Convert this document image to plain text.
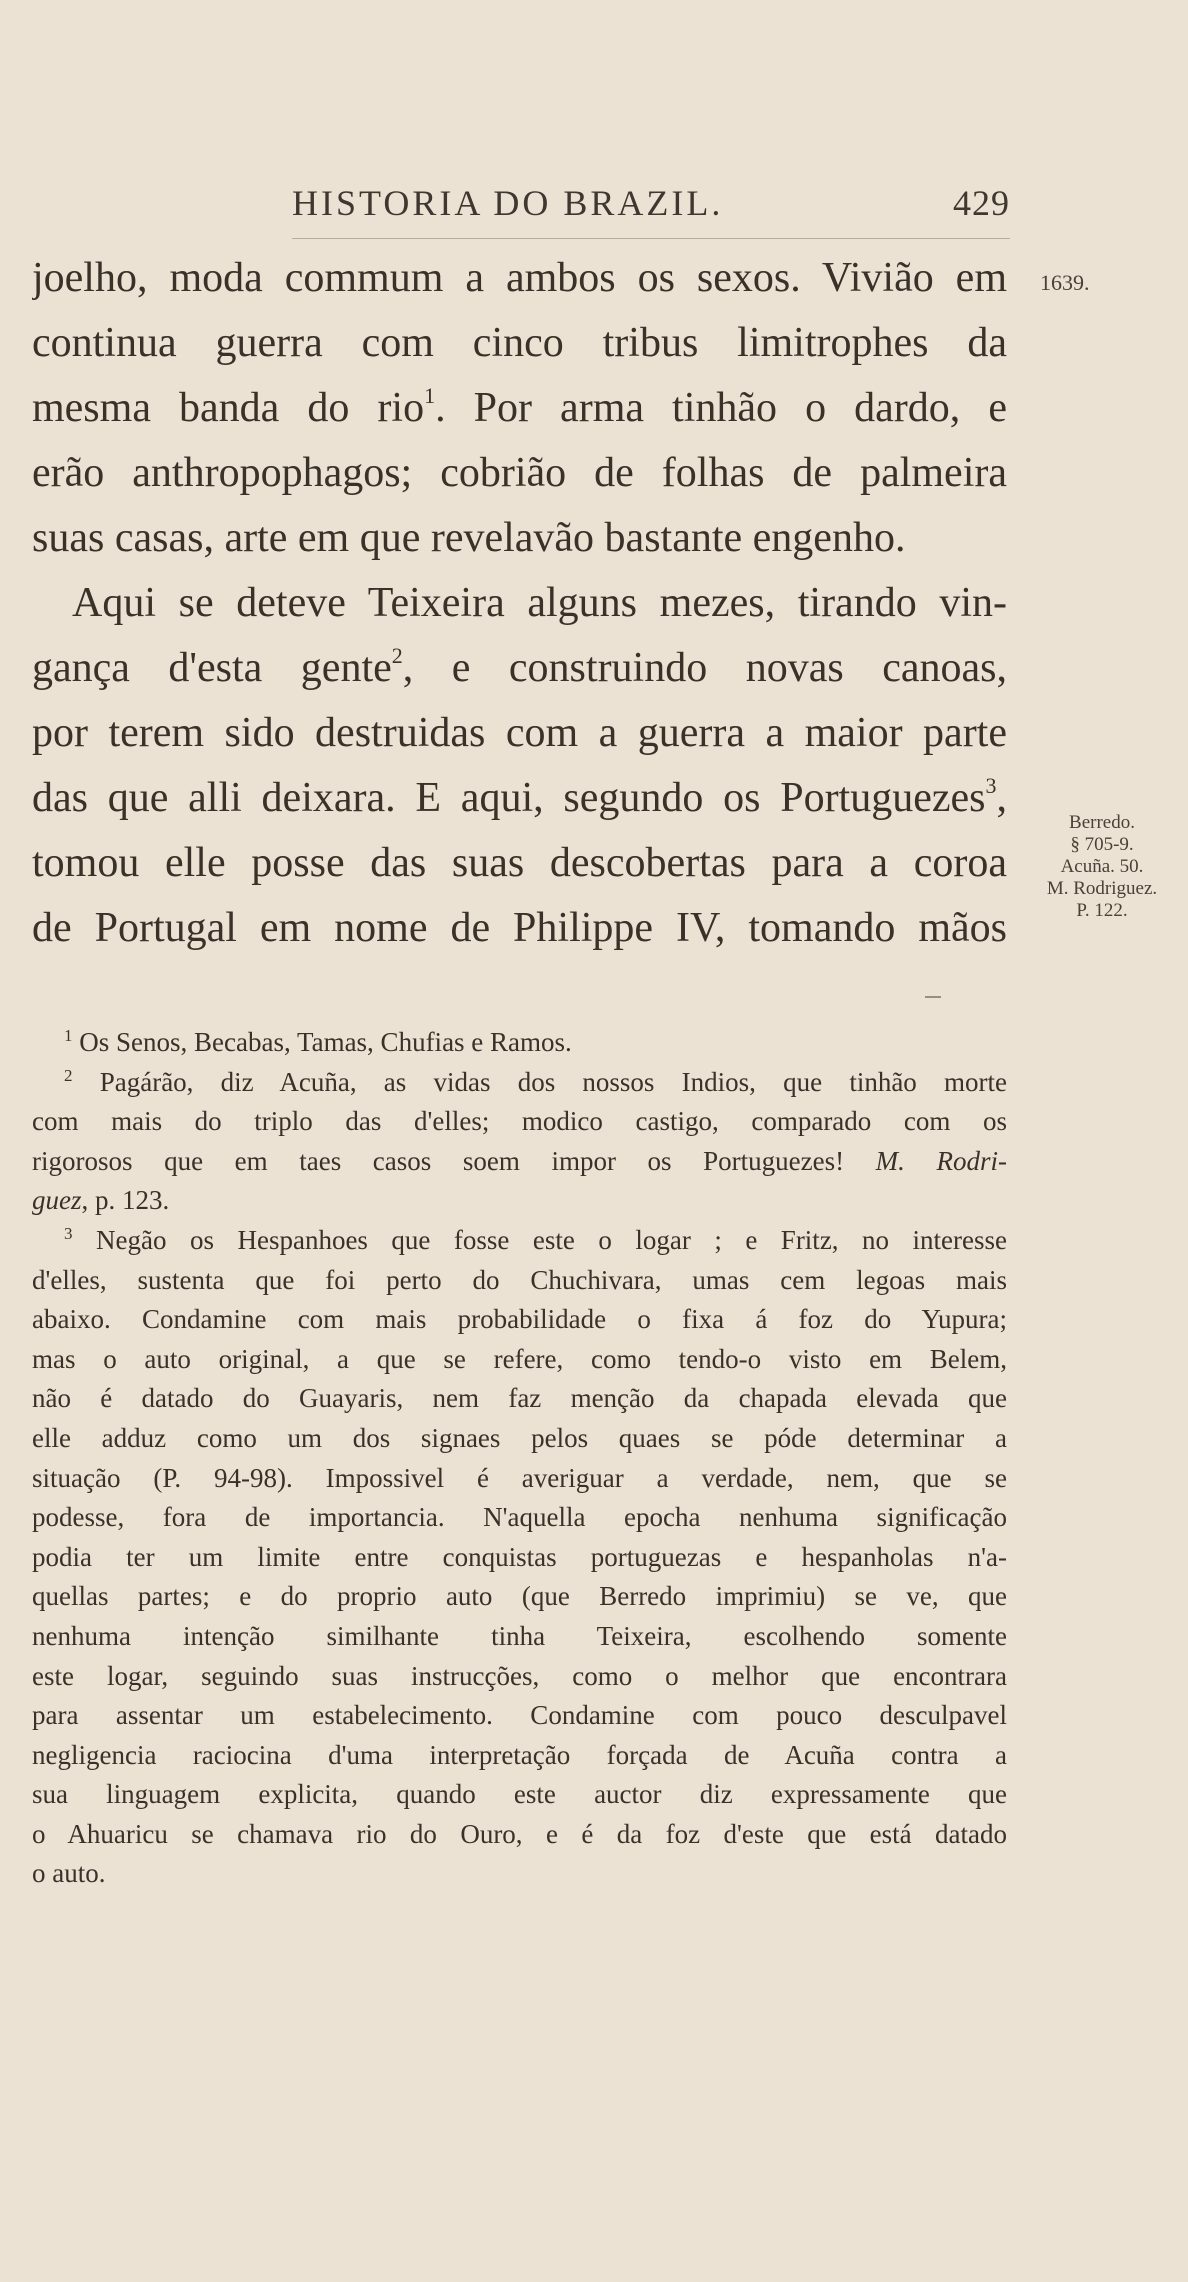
HISTORIA DO BRAZIL.	429
1639.
joelho, moda commum a ambos os sexos. Vivião em
continua guerra com cinco tribus limitrophes da
mesma banda do rio$^1$. Por arma tinhão o dardo, e
erão anthropophagos; cobrião de folhas de palmeira
suas casas, arte em que revelavão bastante engenho.
Aqui se deteve Teixeira alguns mezes, tirando vin-
gança d'esta gente$^2$, e construindo novas canoas,
por terem sido destruidas com a guerra a maior parte
das que alli deixara. E aqui, segundo os Portuguezes$^3$,
tomou elle posse das suas descobertas para a coroa
de Portugal em nome de Philippe IV, tomando mãos
Berredo.
§ 705-9.
Acuña. 50.
M. Rodriguez.
P. 122.
$^1$ Os Senos, Becabas, Tamas, Chufias e Ramos.
$^2$ Pagárão, diz Acuña, as vidas dos nossos Indios, que tinhão morte
com mais do triplo das d'elles; modico castigo, comparado com os
rigorosos que em taes casos soem impor os Portuguezes! M. Rodri-
guez, p. 123.
$^3$ Negão os Hespanhoes que fosse este o logar ; e Fritz, no interesse
d'elles, sustenta que foi perto do Chuchivara, umas cem legoas mais
abaixo. Condamine com mais probabilidade o fixa á foz do Yupura;
mas o auto original, a que se refere, como tendo-o visto em Belem,
não é datado do Guayaris, nem faz menção da chapada elevada que
elle adduz como um dos signaes pelos quaes se póde determinar a
situação (P. 94-98). Impossivel é averiguar a verdade, nem, que se
podesse, fora de importancia. N'aquella epocha nenhuma significação
podia ter um limite entre conquistas portuguezas e hespanholas n'a-
quellas partes; e do proprio auto (que Berredo imprimiu) se ve, que
nenhuma intenção similhante tinha Teixeira, escolhendo somente
este logar, seguindo suas instrucções, como o melhor que encontrara
para assentar um estabelecimento. Condamine com pouco desculpavel
negligencia raciocina d'uma interpretação forçada de Acuña contra a
sua linguagem explicita, quando este auctor diz expressamente que
o Ahuaricu se chamava rio do Ouro, e é da foz d'este que está datado
o auto.
